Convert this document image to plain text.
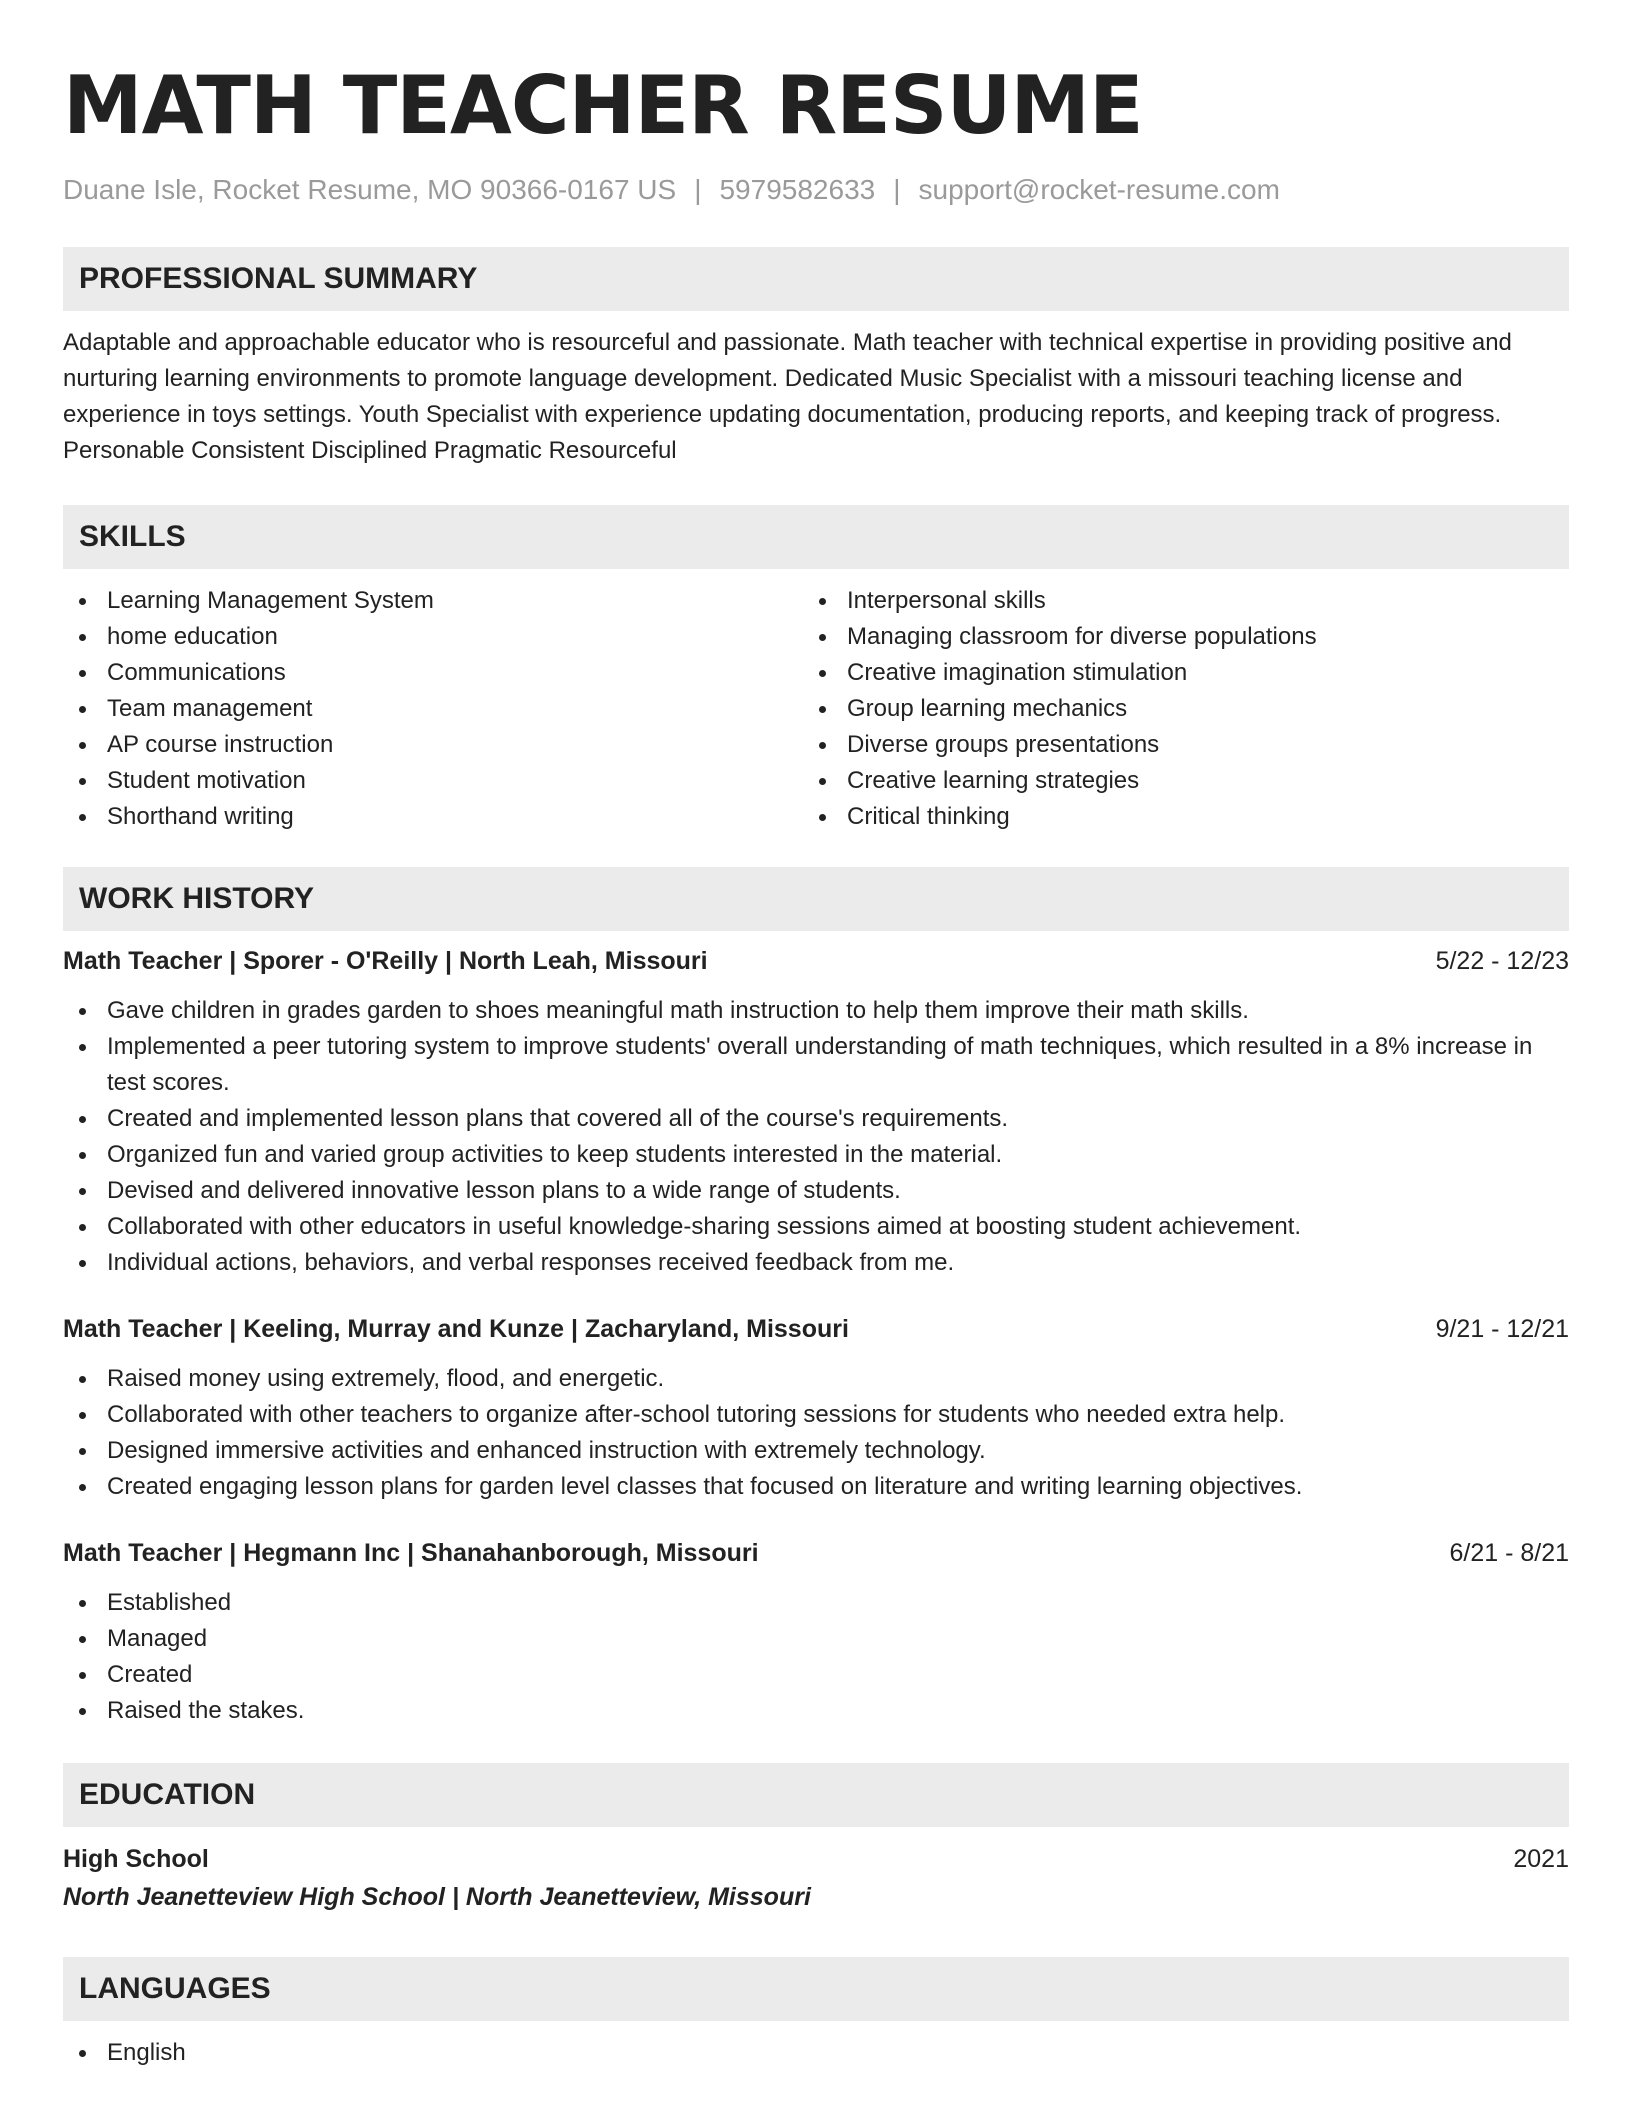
MATH TEACHER RESUME
Duane Isle, Rocket Resume, MO 90366-0167 US | 5979582633 | support@rocket-resume.com
PROFESSIONAL SUMMARY
Adaptable and approachable educator who is resourceful and passionate. Math teacher with technical expertise in providing positive and nurturing learning environments to promote language development. Dedicated Music Specialist with a missouri teaching license and experience in toys settings. Youth Specialist with experience updating documentation, producing reports, and keeping track of progress. Personable Consistent Disciplined Pragmatic Resourceful
SKILLS
Learning Management System
home education
Communications
Team management
AP course instruction
Student motivation
Shorthand writing
Interpersonal skills
Managing classroom for diverse populations
Creative imagination stimulation
Group learning mechanics
Diverse groups presentations
Creative learning strategies
Critical thinking
WORK HISTORY
Math Teacher | Sporer - O'Reilly | North Leah, Missouri	5/22 - 12/23
Gave children in grades garden to shoes meaningful math instruction to help them improve their math skills.
Implemented a peer tutoring system to improve students' overall understanding of math techniques, which resulted in a 8% increase in test scores.
Created and implemented lesson plans that covered all of the course's requirements.
Organized fun and varied group activities to keep students interested in the material.
Devised and delivered innovative lesson plans to a wide range of students.
Collaborated with other educators in useful knowledge-sharing sessions aimed at boosting student achievement.
Individual actions, behaviors, and verbal responses received feedback from me.
Math Teacher | Keeling, Murray and Kunze | Zacharyland, Missouri	9/21 - 12/21
Raised money using extremely, flood, and energetic.
Collaborated with other teachers to organize after-school tutoring sessions for students who needed extra help.
Designed immersive activities and enhanced instruction with extremely technology.
Created engaging lesson plans for garden level classes that focused on literature and writing learning objectives.
Math Teacher | Hegmann Inc | Shanahanborough, Missouri	6/21 - 8/21
Established
Managed
Created
Raised the stakes.
EDUCATION
High School	2021
North Jeanetteview High School | North Jeanetteview, Missouri
LANGUAGES
English
